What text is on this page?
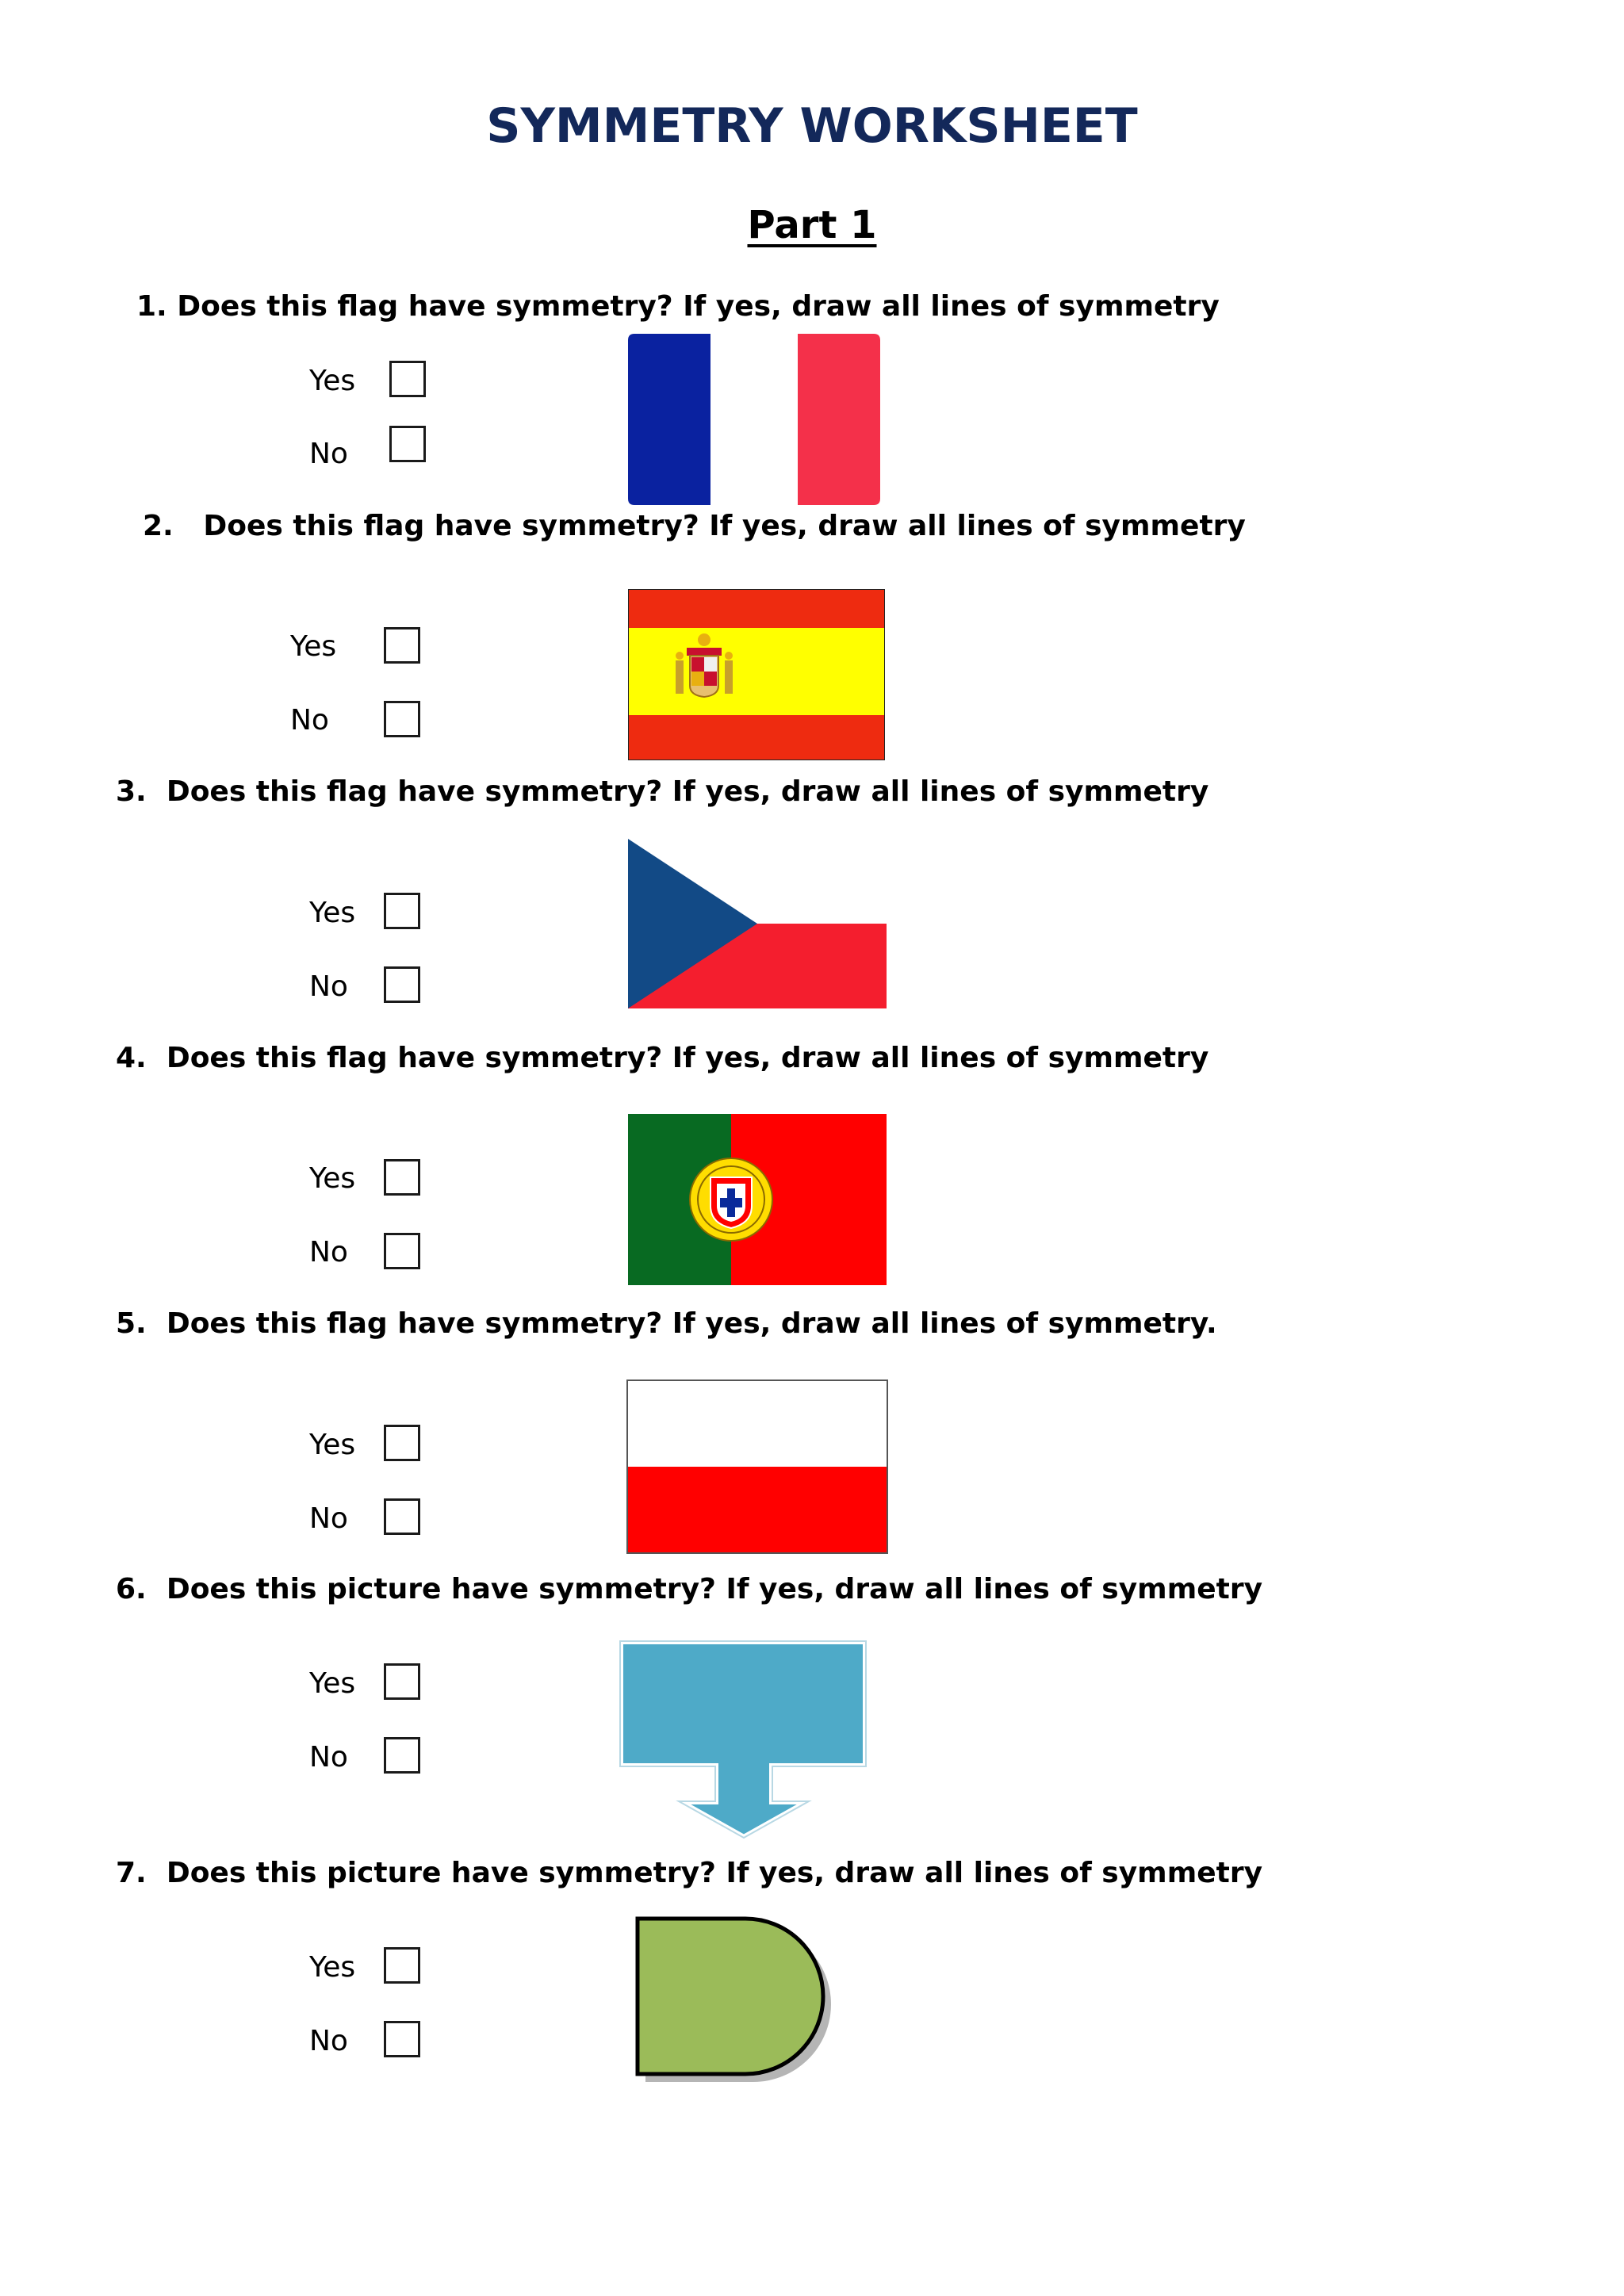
SYMMETRY WORKSHEET
Part 1
1. Does this flag have symmetry? If yes, draw all lines of symmetry
Yes
No
2. Does this flag have symmetry? If yes, draw all lines of symmetry
Yes
No
3. Does this flag have symmetry? If yes, draw all lines of symmetry
Yes
No
4. Does this flag have symmetry? If yes, draw all lines of symmetry
Yes
No
5. Does this flag have symmetry? If yes, draw all lines of symmetry.
Yes
No
6. Does this picture have symmetry? If yes, draw all lines of symmetry
Yes
No
7. Does this picture have symmetry? If yes, draw all lines of symmetry
Yes
No
